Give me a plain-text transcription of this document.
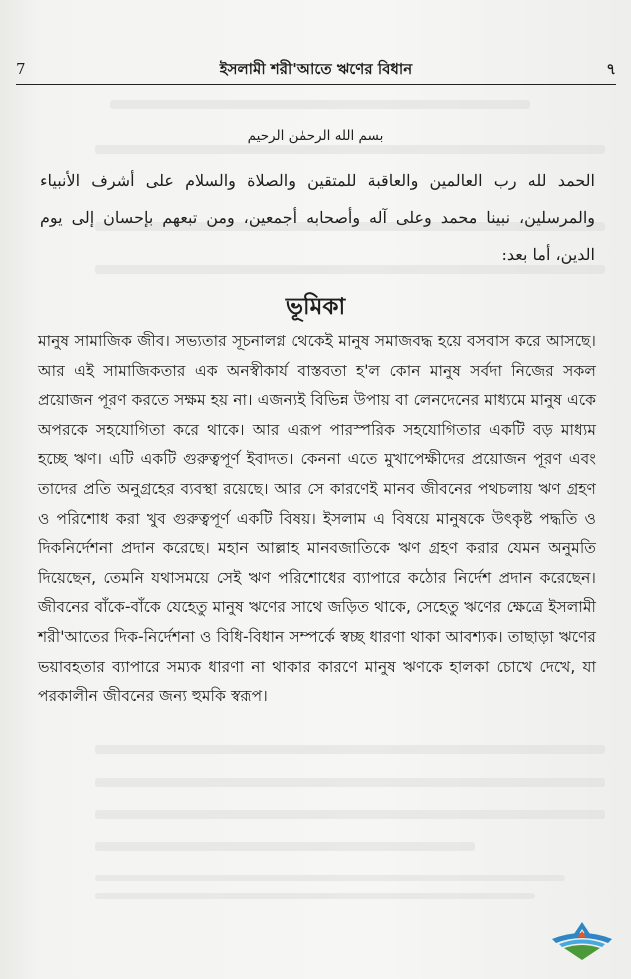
7	ইসলামী শরী'আতে ঋণের বিধান	৭
بسم الله الرحمٰن الرحيم
الحمد لله رب العالمين والعاقبة للمتقين والصلاة والسلام على أشرف الأنبياء والمرسلين، نبينا محمد وعلى آله وأصحابه أجمعين، ومن تبعهم بإحسان إلى يوم الدين، أما بعد:
ভূমিকা
মানুষ সামাজিক জীব। সভ্যতার সূচনালগ্ন থেকেই মানুষ সমাজবদ্ধ হয়ে বসবাস করে আসছে। আর এই সামাজিকতার এক অনস্বীকার্য বাস্তবতা হ'ল কোন মানুষ সর্বদা নিজের সকল প্রয়োজন পূরণ করতে সক্ষম হয় না। এজন্যই বিভিন্ন উপায় বা লেনদেনের মাধ্যমে মানুষ একে অপরকে সহযোগিতা করে থাকে। আর এরূপ পারস্পরিক সহযোগিতার একটি বড় মাধ্যম হচ্ছে ঋণ। এটি একটি গুরুত্বপূর্ণ ইবাদত। কেননা এতে মুখাপেক্ষীদের প্রয়োজন পূরণ এবং তাদের প্রতি অনুগ্রহের ব্যবস্থা রয়েছে। আর সে কারণেই মানব জীবনের পথচলায় ঋণ গ্রহণ ও পরিশোধ করা খুব গুরুত্বপূর্ণ একটি বিষয়। ইসলাম এ বিষয়ে মানুষকে উৎকৃষ্ট পদ্ধতি ও দিকনির্দেশনা প্রদান করেছে। মহান আল্লাহ মানবজাতিকে ঋণ গ্রহণ করার যেমন অনুমতি দিয়েছেন, তেমনি যথাসময়ে সেই ঋণ পরিশোধের ব্যাপারে কঠোর নির্দেশ প্রদান করেছেন। জীবনের বাঁকে-বাঁকে যেহেতু মানুষ ঋণের সাথে জড়িত থাকে, সেহেতু ঋণের ক্ষেত্রে ইসলামী শরী'আতের দিক-নির্দেশনা ও বিধি-বিধান সম্পর্কে স্বচ্ছ ধারণা থাকা আবশ্যক। তাছাড়া ঋণের ভয়াবহতার ব্যাপারে সম্যক ধারণা না থাকার কারণে মানুষ ঋণকে হালকা চোখে দেখে, যা পরকালীন জীবনের জন্য হুমকি স্বরূপ।
